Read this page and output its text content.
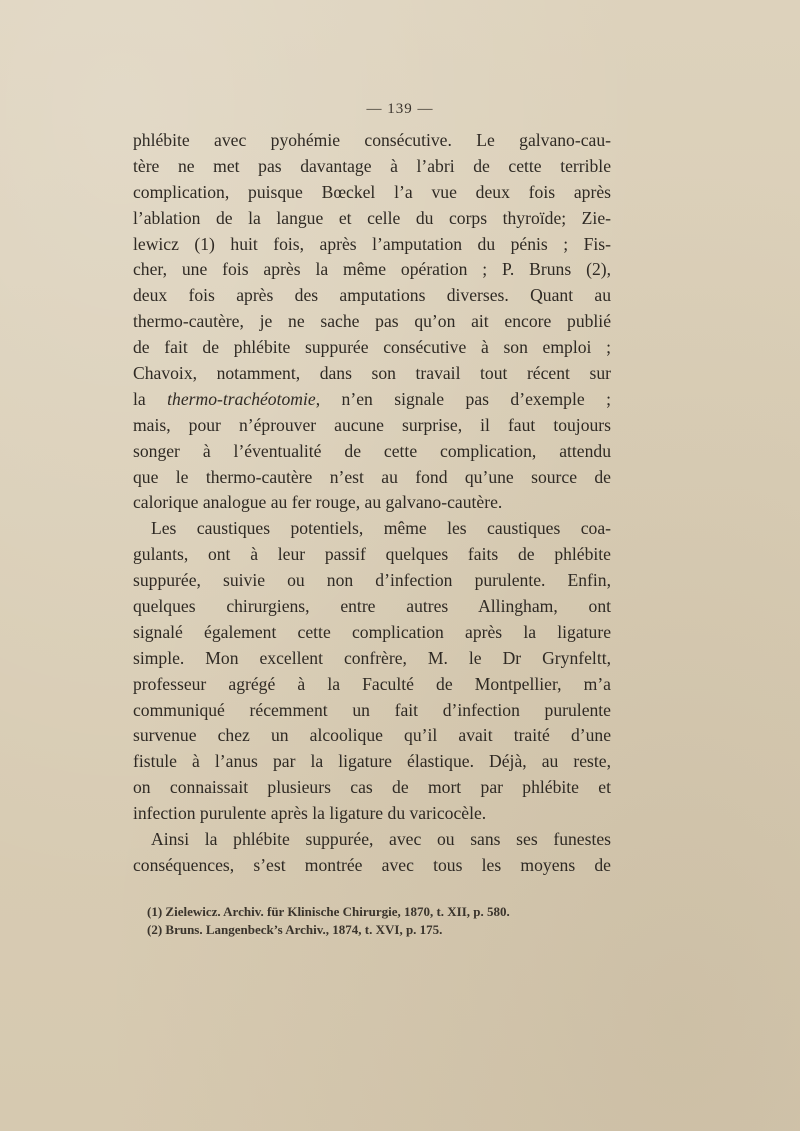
— 139 —
phlébite avec pyohémie consécutive. Le galvano-cau-
tère ne met pas davantage à l’abri de cette terrible
complication, puisque Bœckel l’a vue deux fois après
l’ablation de la langue et celle du corps thyroïde; Zie-
lewicz (1) huit fois, après l’amputation du pénis ; Fis-
cher, une fois après la même opération ; P. Bruns (2),
deux fois après des amputations diverses. Quant au
thermo-cautère, je ne sache pas qu’on ait encore publié
de fait de phlébite suppurée consécutive à son emploi ;
Chavoix, notamment, dans son travail tout récent sur
la thermo-trachéotomie, n’en signale pas d’exemple ;
mais, pour n’éprouver aucune surprise, il faut toujours
songer à l’éventualité de cette complication, attendu
que le thermo-cautère n’est au fond qu’une source de
calorique analogue au fer rouge, au galvano-cautère.
Les caustiques potentiels, même les caustiques coa-
gulants, ont à leur passif quelques faits de phlébite
suppurée, suivie ou non d’infection purulente. Enfin,
quelques chirurgiens, entre autres Allingham, ont
signalé également cette complication après la ligature
simple. Mon excellent confrère, M. le Dr Grynfeltt,
professeur agrégé à la Faculté de Montpellier, m’a
communiqué récemment un fait d’infection purulente
survenue chez un alcoolique qu’il avait traité d’une
fistule à l’anus par la ligature élastique. Déjà, au reste,
on connaissait plusieurs cas de mort par phlébite et
infection purulente après la ligature du varicocèle.
Ainsi la phlébite suppurée, avec ou sans ses funestes
conséquences, s’est montrée avec tous les moyens de
(1) Zielewicz. Archiv. für Klinische Chirurgie, 1870, t. XII, p. 580.
(2) Bruns. Langenbeck’s Archiv., 1874, t. XVI, p. 175.
